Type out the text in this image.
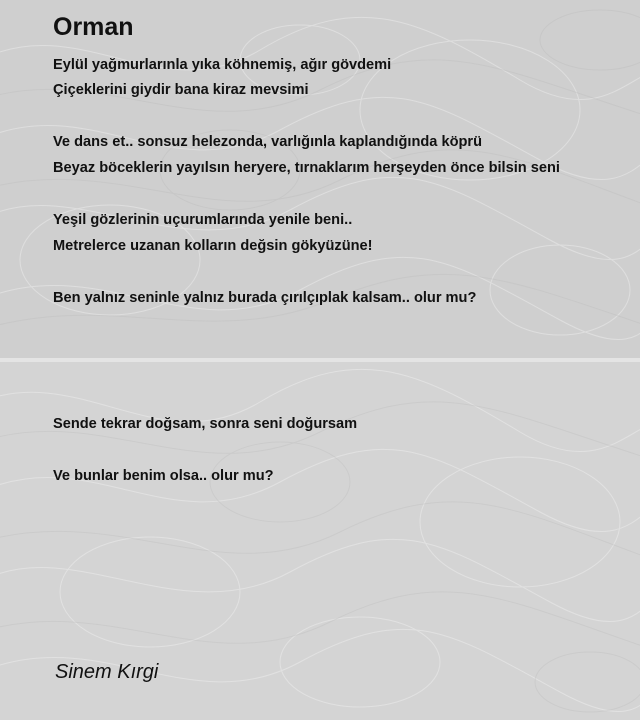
Orman

Eylül yağmurlarınla yıka köhnemiş, ağır gövdemi

Çiçeklerini giydir bana kiraz mevsimi

Ve dans et.. sonsuz helezonda, varlığınla kaplandığında köprü

Beyaz böceklerin yayılsın heryere, tırnaklarım herşeyden önce bilsin seni

Yeşil gözlerinin uçurumlarında yenile beni..

Metrelerce uzanan kolların değsin gökyüzüne!

Ben yalnız seninle yalnız burada çırılçıplak kalsam.. olur mu?

Sende tekrar doğsam, sonra seni doğursam

Ve bunlar benim olsa.. olur mu?

Sinem Kırgi
